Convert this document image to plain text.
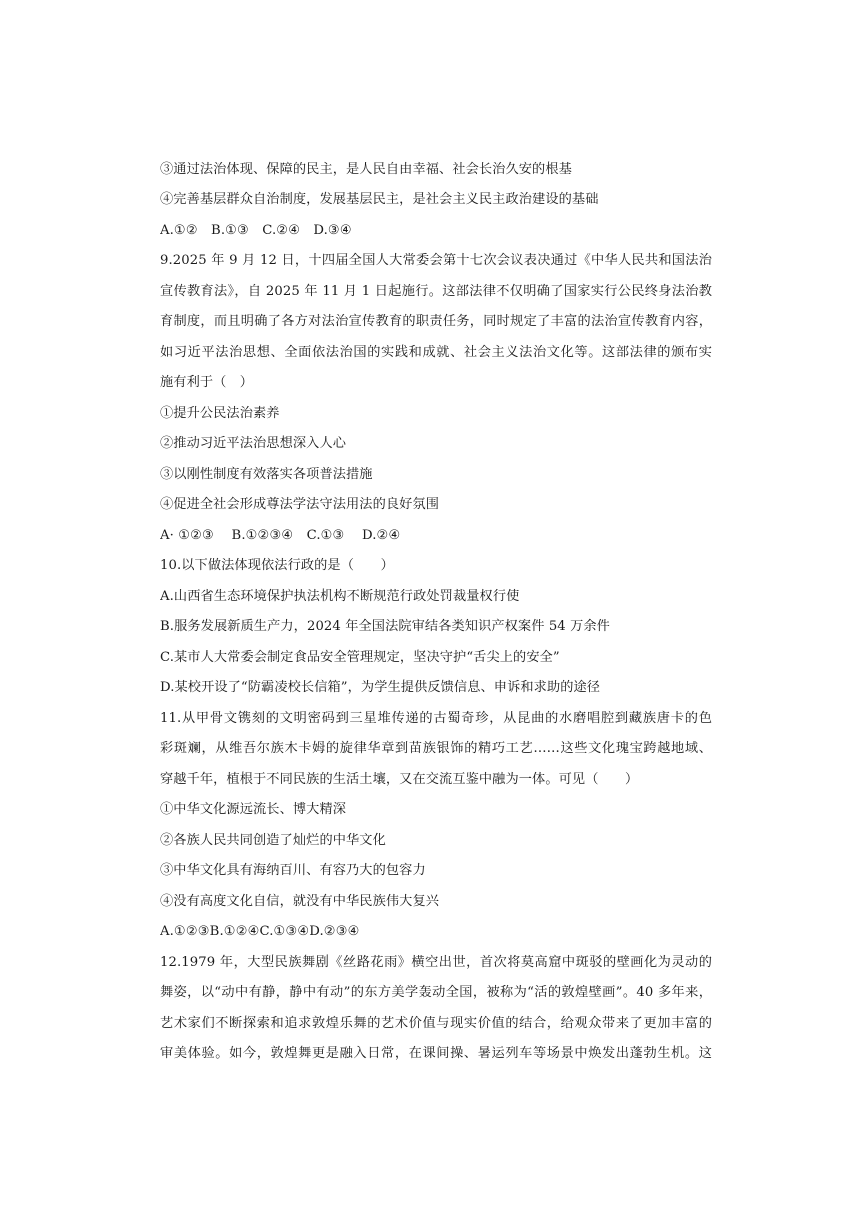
③通过法治体现、保障的民主，是人民自由幸福、社会长治久安的根基
④完善基层群众自治制度，发展基层民主，是社会主义民主政治建设的基础
A.①②　B.①③　C.②④　D.③④
9.2025 年 9 月 12 日，十四届全国人大常委会第十七次会议表决通过《中华人民共和国法治
宣传教育法》，自 2025 年 11 月 1 日起施行。这部法律不仅明确了国家实行公民终身法治教
育制度，而且明确了各方对法治宣传教育的职责任务，同时规定了丰富的法治宣传教育内容，
如习近平法治思想、全面依法治国的实践和成就、社会主义法治文化等。这部法律的颁布实
施有利于（　）
①提升公民法治素养
②推动习近平法治思想深入人心
③以刚性制度有效落实各项普法措施
④促进全社会形成尊法学法守法用法的良好氛围
A· ①②③　 B.①②③④　C.①③　 D.②④
10.以下做法体现依法行政的是（　　）
A.山西省生态环境保护执法机构不断规范行政处罚裁量权行使
B.服务发展新质生产力，2024 年全国法院审结各类知识产权案件 54 万余件
C.某市人大常委会制定食品安全管理规定，坚决守护“舌尖上的安全”
D.某校开设了“防霸凌校长信箱”，为学生提供反馈信息、申诉和求助的途径
11.从甲骨文镌刻的文明密码到三星堆传递的古蜀奇珍，从昆曲的水磨唱腔到藏族唐卡的色
彩斑斓，从维吾尔族木卡姆的旋律华章到苗族银饰的精巧工艺……这些文化瑰宝跨越地域、
穿越千年，植根于不同民族的生活土壤，又在交流互鉴中融为一体。可见（　　）
①中华文化源远流长、博大精深
②各族人民共同创造了灿烂的中华文化
③中华文化具有海纳百川、有容乃大的包容力
④没有高度文化自信，就没有中华民族伟大复兴
A.①②③B.①②④C.①③④D.②③④
12.1979 年，大型民族舞剧《丝路花雨》横空出世，首次将莫高窟中斑驳的壁画化为灵动的
舞姿，以“动中有静，静中有动”的东方美学轰动全国，被称为“活的敦煌壁画”。40 多年来，
艺术家们不断探索和追求敦煌乐舞的艺术价值与现实价值的结合，给观众带来了更加丰富的
审美体验。如今，敦煌舞更是融入日常，在课间操、暑运列车等场景中焕发出蓬勃生机。这
